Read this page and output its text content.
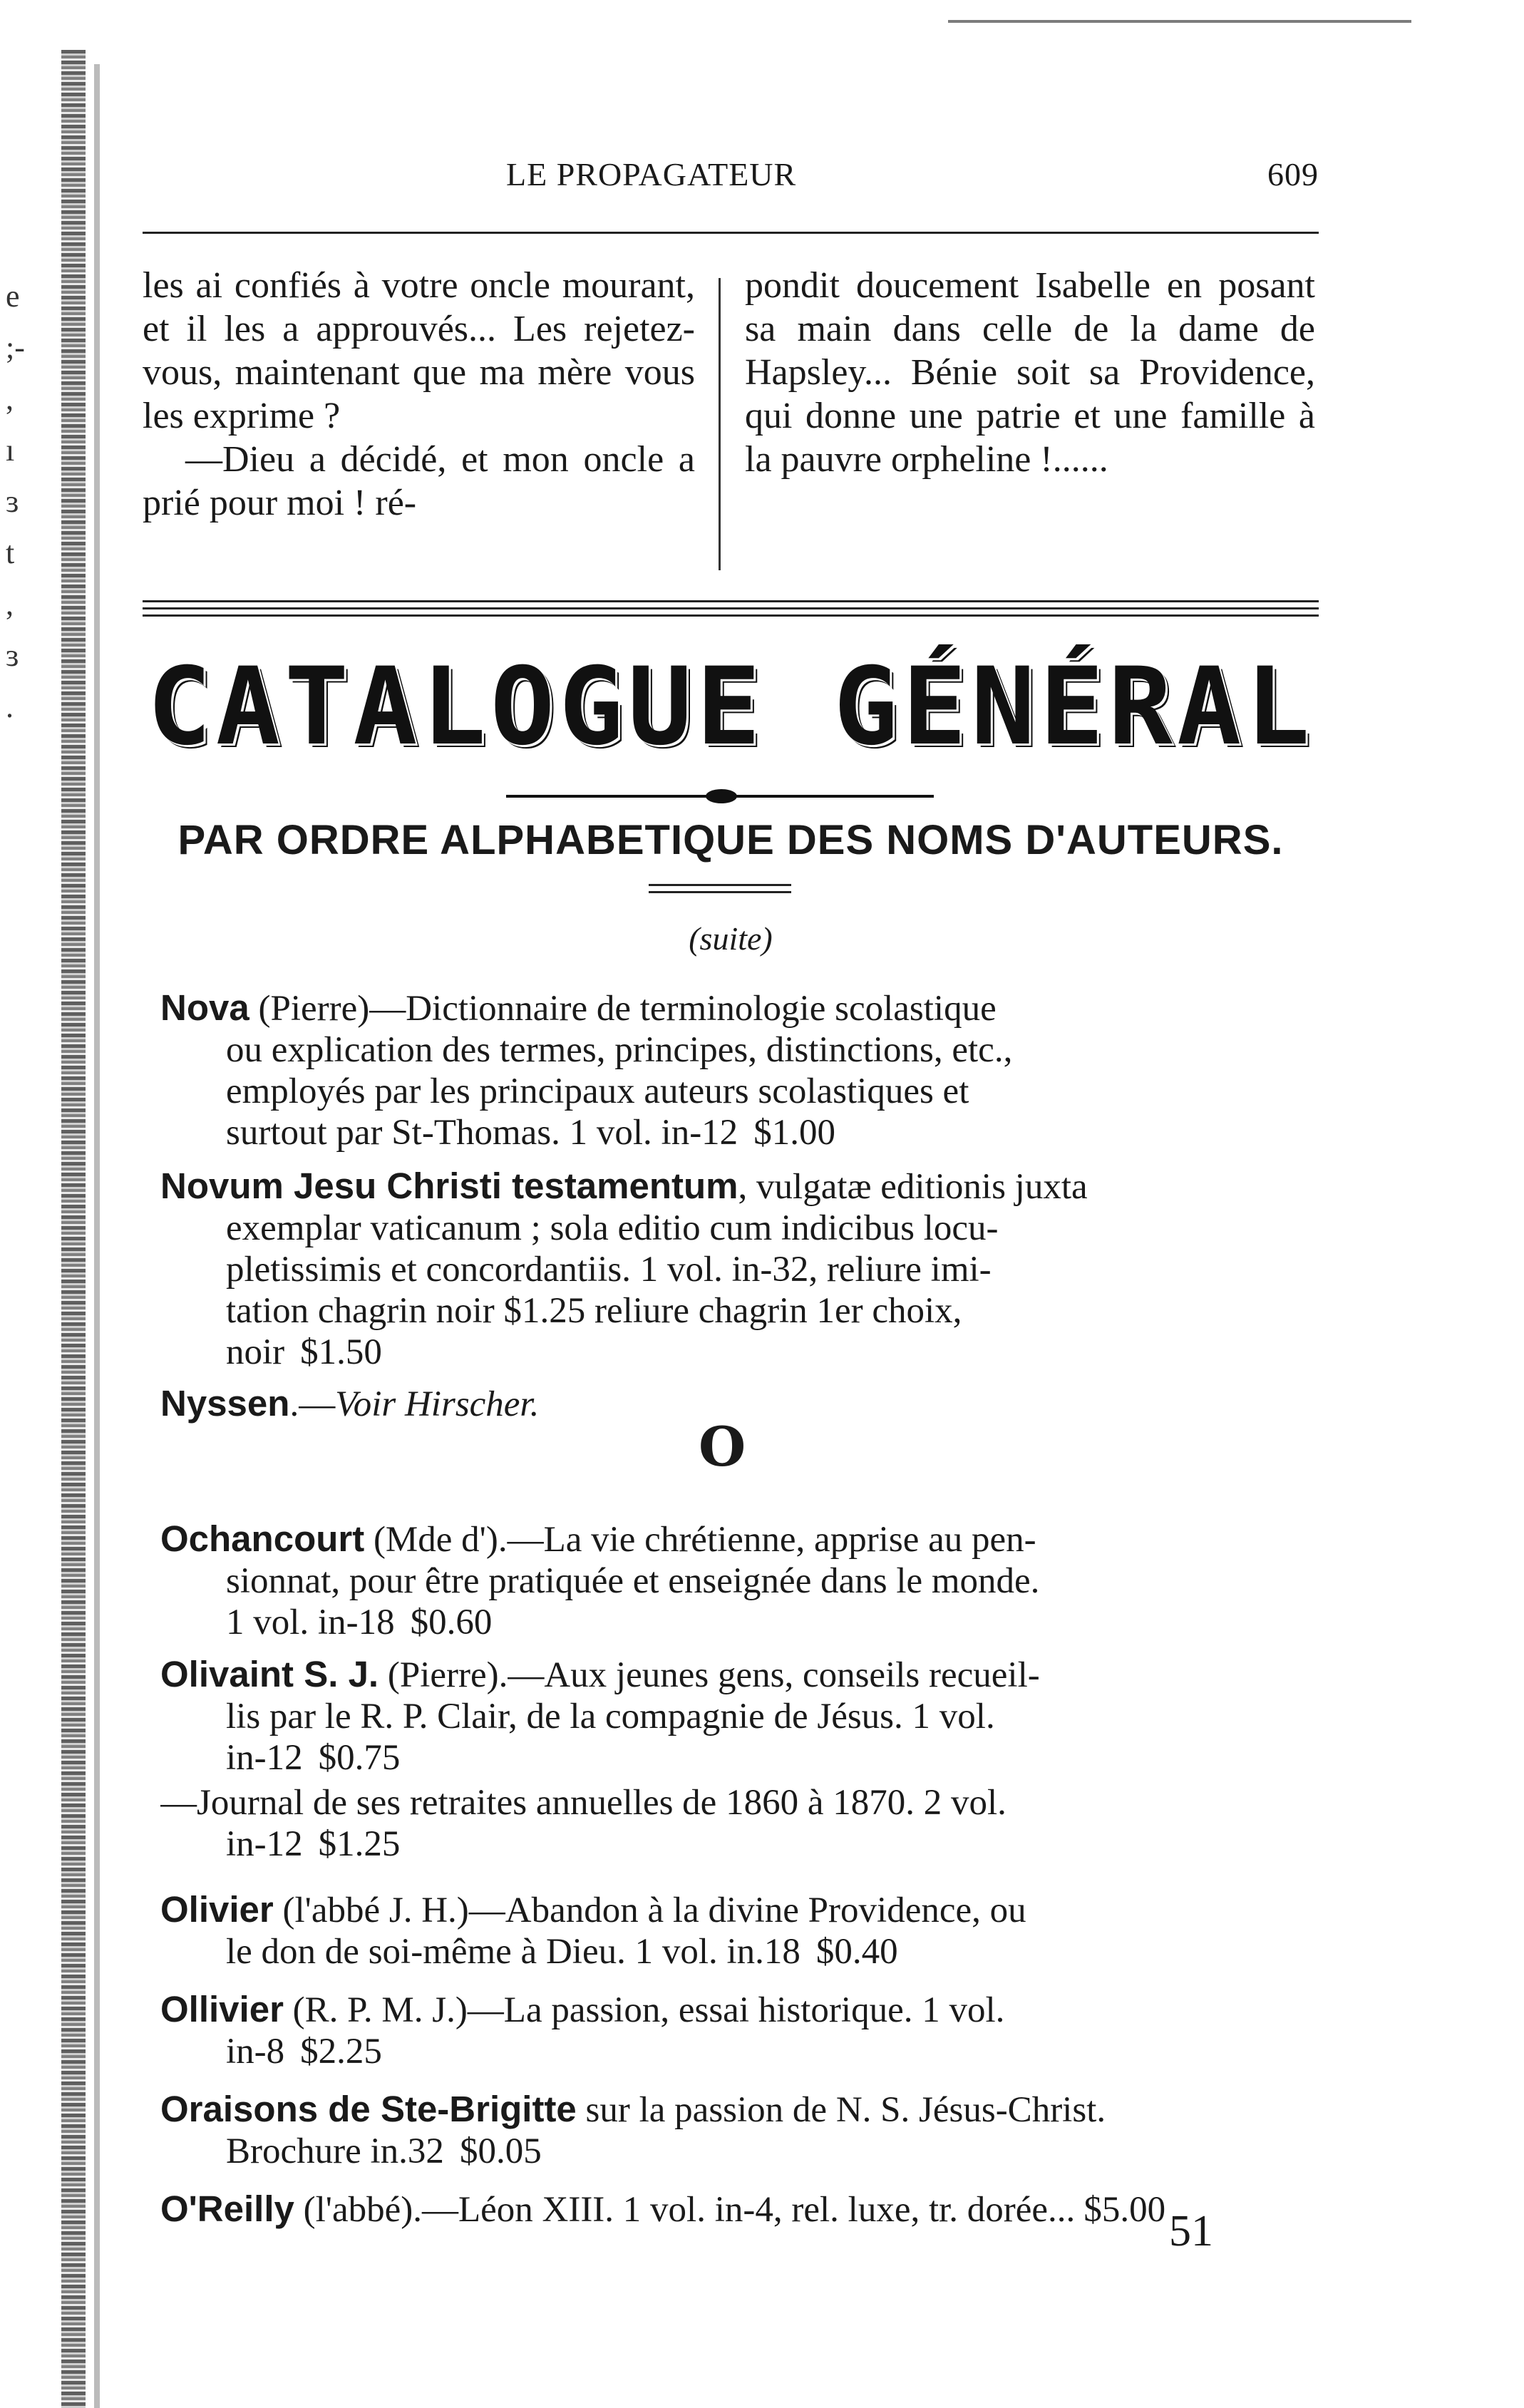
e
;-
,
ı
ɜ
t
,
ɜ
.
LE PROPAGATEUR	609

les ai confiés à votre oncle mourant, et il les a approuvés... Les rejetez-vous, maintenant que ma mère vous les exprime ?

—Dieu a décidé, et mon oncle a prié pour moi ! ré-

pondit doucement Isabelle en posant sa main dans celle de la dame de Hapsley... Bénie soit sa Providence, qui donne une patrie et une famille à la pauvre orpheline !......

CATALOGUE GÉNÉRAL
PAR ORDRE ALPHABETIQUE DES NOMS D'AUTEURS.
(suite)
Nova (Pierre)—Dictionnaire de terminologie scolastique
ou explication des termes, principes, distinctions, etc.,
employés par les principaux auteurs scolastiques et
surtout par St-Thomas. 1 vol. in-12 $1.00
Novum Jesu Christi testamentum, vulgatæ editionis juxta
exemplar vaticanum ; sola editio cum indicibus locu-
pletissimis et concordantiis. 1 vol. in-32, reliure imi-
tation chagrin noir $1.25 reliure chagrin 1er choix,
noir $1.50
Nyssen.—Voir Hirscher.
O
Ochancourt (Mde d').—La vie chrétienne, apprise au pen-
sionnat, pour être pratiquée et enseignée dans le monde.
1 vol. in-18 $0.60
Olivaint S. J. (Pierre).—Aux jeunes gens, conseils recueil-
lis par le R. P. Clair, de la compagnie de Jésus. 1 vol.
in-12 $0.75
—Journal de ses retraites annuelles de 1860 à 1870. 2 vol.
in-12 $1.25
Olivier (l'abbé J. H.)—Abandon à la divine Providence, ou
le don de soi-même à Dieu. 1 vol. in.18 $0.40
Ollivier (R. P. M. J.)—La passion, essai historique. 1 vol.
in-8 $2.25
Oraisons de Ste-Brigitte sur la passion de N. S. Jésus-Christ.
Brochure in.32 $0.05
O'Reilly (l'abbé).—Léon XIII. 1 vol. in-4, rel. luxe, tr. dorée... $5.00 51
